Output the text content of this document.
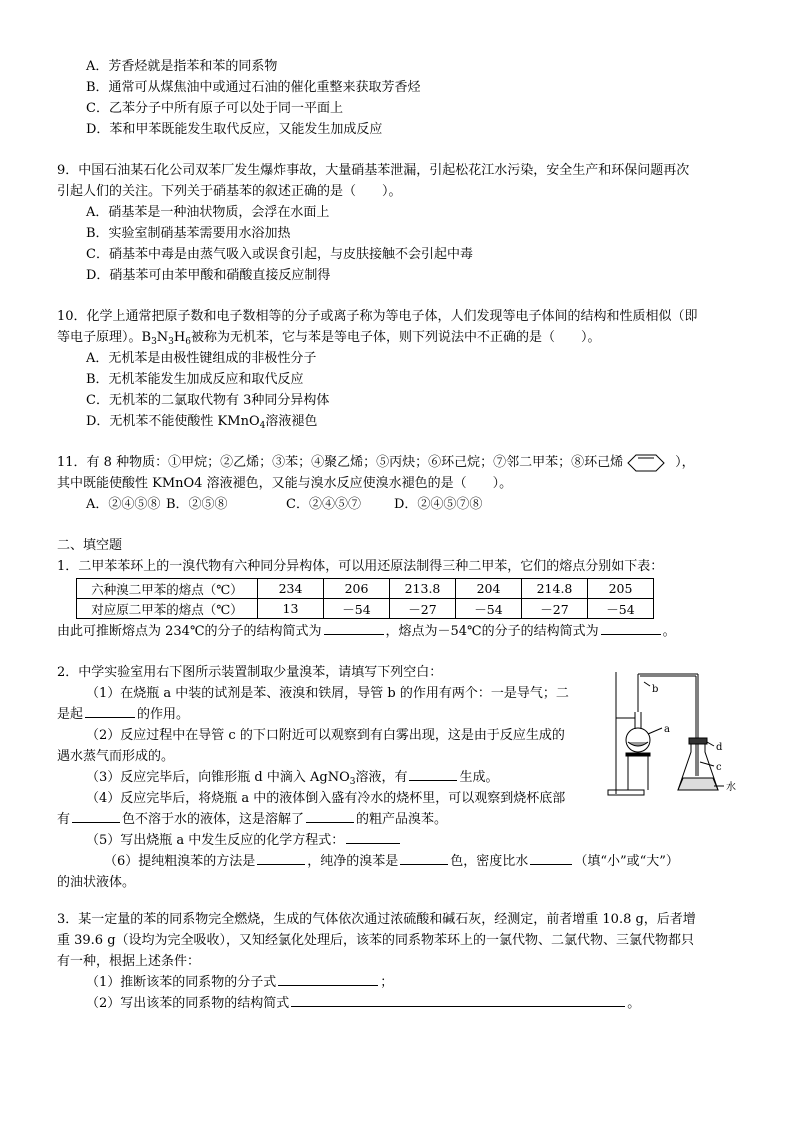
A．芳香烃就是指苯和苯的同系物
B．通常可从煤焦油中或通过石油的催化重整来获取芳香烃
C．乙苯分子中所有原子可以处于同一平面上
D．苯和甲苯既能发生取代反应，又能发生加成反应
9．中国石油某石化公司双苯厂发生爆炸事故，大量硝基苯泄漏，引起松花江水污染，安全生产和环保问题再次
引起人们的关注。下列关于硝基苯的叙述正确的是（　　）。
A．硝基苯是一种油状物质，会浮在水面上
B．实验室制硝基苯需要用水浴加热
C．硝基苯中毒是由蒸气吸入或误食引起，与皮肤接触不会引起中毒
D．硝基苯可由苯甲酸和硝酸直接反应制得
10．化学上通常把原子数和电子数相等的分子或离子称为等电子体，人们发现等电子体间的结构和性质相似（即
等电子原理）。$B_3N_3H_6$被称为无机苯，它与苯是等电子体，则下列说法中不正确的是（　　）。
A．无机苯是由极性键组成的非极性分子
B．无机苯能发生加成反应和取代反应
C．无机苯的二氯取代物有 3种同分异构体
D．无机苯不能使酸性 KMnO$_4$溶液褪色
11．有 8 种物质：①甲烷；②乙烯；③苯；④聚乙烯；⑤丙炔；⑥环己烷；⑦邻二甲苯；⑧环己烯	），
其中既能使酸性 KMnO4 溶液褪色，又能与溴水反应使溴水褪色的是（　　）。
A．②④⑤⑧ B．②⑤⑧	C．②④⑤⑦	D．②④⑤⑦⑧
二、填空题
1．二甲苯苯环上的一溴代物有六种同分异构体，可以用还原法制得三种二甲苯，它们的熔点分别如下表：
六种溴二甲苯的熔点（℃）	234	206	213.8	204	214.8	205
对应原二甲苯的熔点（℃）	13	－54	－27	－54	－27	－54
由此可推断熔点为 234℃的分子的结构简式为	，熔点为－54℃的分子的结构简式为	。
2．中学实验室用右下图所示装置制取少量溴苯，请填写下列空白：
（1）在烧瓶 a 中装的试剂是苯、液溴和铁屑，导管 b 的作用有两个：一是导气；二
是起	的作用。
（2）反应过程中在导管 c 的下口附近可以观察到有白雾出现，这是由于反应生成的
遇水蒸气而形成的。
（3）反应完毕后，向锥形瓶 d 中滴入 AgNO$_3$溶液，有	生成。
（4）反应完毕后，将烧瓶 a 中的液体倒入盛有冷水的烧杯里，可以观察到烧杯底部
有	色不溶于水的液体，这是溶解了	的粗产品溴苯。
（5）写出烧瓶 a 中发生反应的化学方程式：
（6）提纯粗溴苯的方法是	，纯净的溴苯是	色，密度比水	（填“小”或“大”）
的油状液体。
b
a
d
c
水
3．某一定量的苯的同系物完全燃烧，生成的气体依次通过浓硫酸和碱石灰，经测定，前者增重 10.8 g，后者增
重 39.6 g（设均为完全吸收），又知经氯化处理后，该苯的同系物苯环上的一氯代物、二氯代物、三氯代物都只
有一种，根据上述条件：
（1）推断该苯的同系物的分子式	；
（2）写出该苯的同系物的结构简式	。
